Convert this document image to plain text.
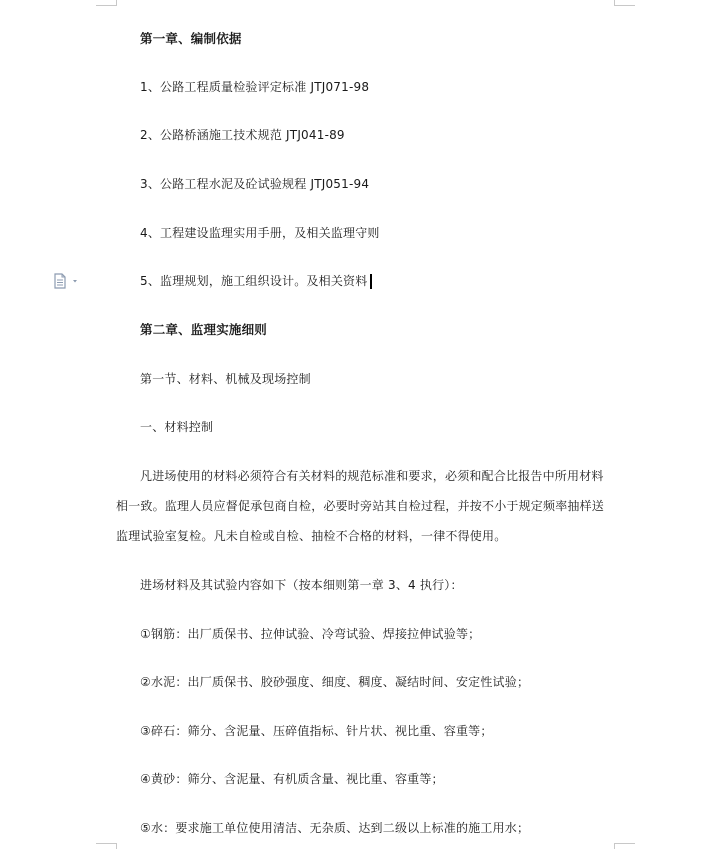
第一章、编制依据
1、公路工程质量检验评定标准 JTJ071-98
2、公路桥涵施工技术规范 JTJ041-89
3、公路工程水泥及砼试验规程 JTJ051-94
4、工程建设监理实用手册，及相关监理守则
5、监理规划，施工组织设计。及相关资料
第二章、监理实施细则
第一节、材料、机械及现场控制
一、材料控制
凡进场使用的材料必须符合有关材料的规范标准和要求，必须和配合比报告中所用材料
相一致。监理人员应督促承包商自检，必要时旁站其自检过程，并按不小于规定频率抽样送
监理试验室复检。凡未自检或自检、抽检不合格的材料，一律不得使用。
进场材料及其试验内容如下（按本细则第一章 3、4 执行）：
①钢筋：出厂质保书、拉伸试验、冷弯试验、焊接拉伸试验等；
②水泥：出厂质保书、胶砂强度、细度、稠度、凝结时间、安定性试验；
③碎石：筛分、含泥量、压碎值指标、针片状、视比重、容重等；
④黄砂：筛分、含泥量、有机质含量、视比重、容重等；
⑤水：要求施工单位使用清洁、无杂质、达到二级以上标准的施工用水；
